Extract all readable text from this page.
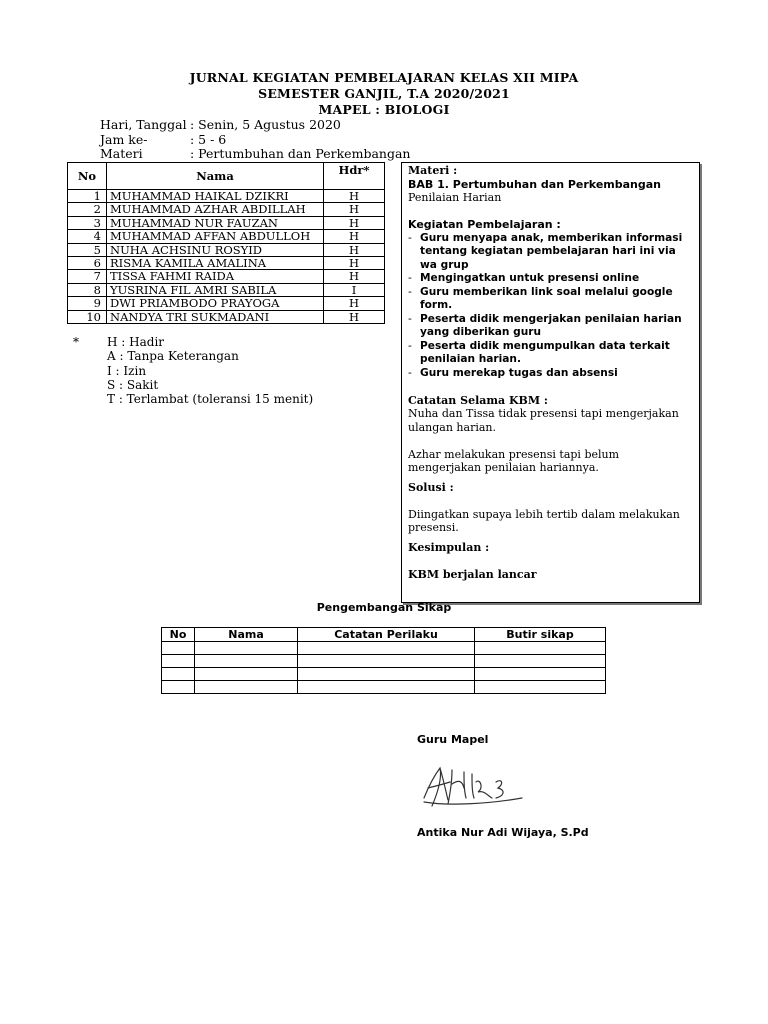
JURNAL KEGIATAN PEMBELAJARAN KELAS XII MIPA
SEMESTER GANJIL, T.A 2020/2021
MAPEL : BIOLOGI
Hari, Tanggal : Senin, 5 Agustus 2020
Jam ke-	: 5 - 6
Materi	: Pertumbuhan dan Perkembangan
No	Nama	Hdr*
1	MUHAMMAD HAIKAL DZIKRI	H
2	MUHAMMAD AZHAR ABDILLAH	H
3	MUHAMMAD NUR FAUZAN	H
4	MUHAMMAD AFFAN ABDULLOH	H
5	NUHA ACHSINU ROSYID	H
6	RISMA KAMILA AMALINA	H
7	TISSA FAHMI RAIDA	H
8	YUSRINA FIL AMRI SABILA	I
9	DWI PRIAMBODO PRAYOGA	H
10	NANDYA TRI SUKMADANI	H
* H : Hadir
A : Tanpa Keterangan
I : Izin
S : Sakit
T : Terlambat (toleransi 15 menit)
Materi :
BAB 1. Pertumbuhan dan Perkembangan
Penilaian Harian

Kegiatan Pembelajaran :
- Guru menyapa anak, memberikan informasi tentang kegiatan pembelajaran hari ini via wa grup
- Mengingatkan untuk presensi online
- Guru memberikan link soal melalui google form.
- Peserta didik mengerjakan penilaian harian yang diberikan guru
- Peserta didik mengumpulkan data terkait penilaian harian.
- Guru merekap tugas dan absensi

Catatan Selama KBM :
Nuha dan Tissa tidak presensi tapi mengerjakan ulangan harian.

Azhar melakukan presensi tapi belum mengerjakan penilaian hariannya.
Solusi :

Diingatkan supaya lebih tertib dalam melakukan presensi.
Kesimpulan :

KBM berjalan lancar
Pengembangan Sikap
No	Nama	Catatan Perilaku	Butir sikap

Guru Mapel
Antika Nur Adi Wijaya, S.Pd
